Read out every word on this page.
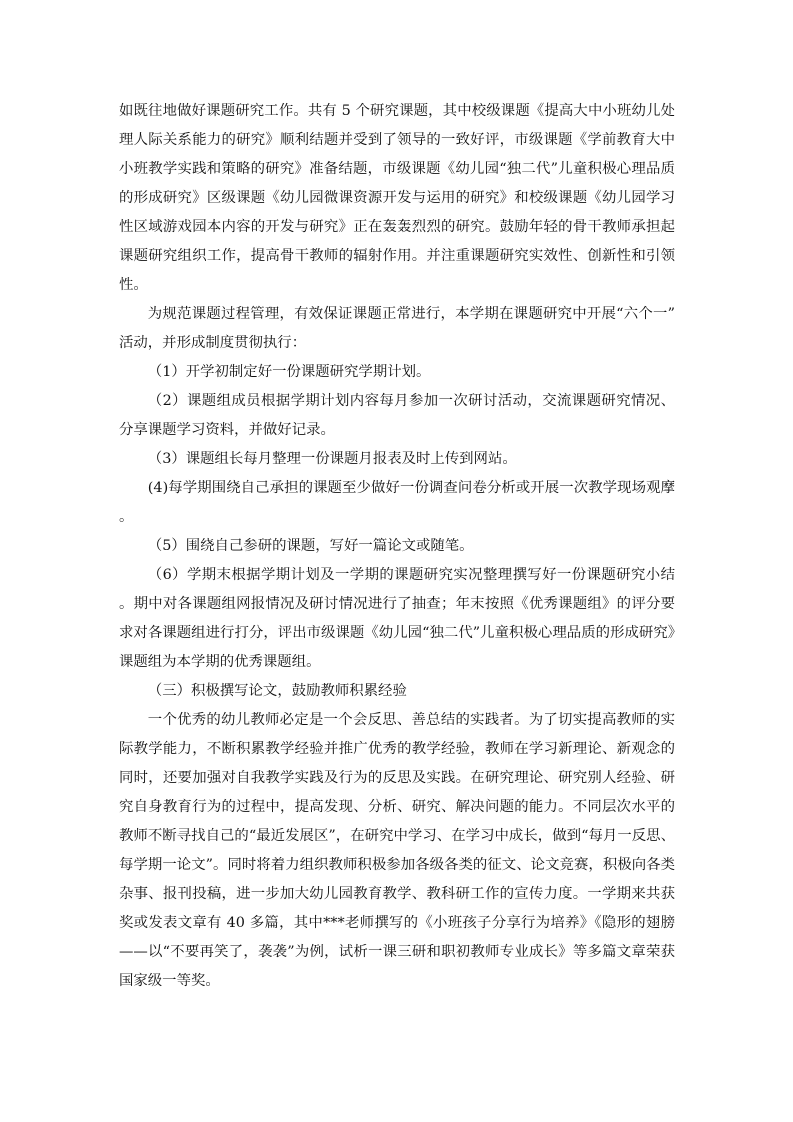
如既往地做好课题研究工作。共有 5 个研究课题，其中校级课题《提高大中小班幼儿处理人际关系能力的研究》顺利结题并受到了领导的一致好评，市级课题《学前教育大中小班教学实践和策略的研究》准备结题，市级课题《幼儿园“独二代”儿童积极心理品质的形成研究》区级课题《幼儿园微课资源开发与运用的研究》和校级课题《幼儿园学习性区域游戏园本内容的开发与研究》正在轰轰烈烈的研究。鼓励年轻的骨干教师承担起课题研究组织工作，提高骨干教师的辐射作用。并注重课题研究实效性、创新性和引领性。

为规范课题过程管理，有效保证课题正常进行，本学期在课题研究中开展“六个一”活动，并形成制度贯彻执行：

（1）开学初制定好一份课题研究学期计划。

（2）课题组成员根据学期计划内容每月参加一次研讨活动，交流课题研究情况、分享课题学习资料，并做好记录。

（3）课题组长每月整理一份课题月报表及时上传到网站。

(4)每学期围绕自己承担的课题至少做好一份调查问卷分析或开展一次教学现场观摩。

（5）围绕自己参研的课题，写好一篇论文或随笔。

（6）学期末根据学期计划及一学期的课题研究实况整理撰写好一份课题研究小结。期中对各课题组网报情况及研讨情况进行了抽查；年末按照《优秀课题组》的评分要求对各课题组进行打分，评出市级课题《幼儿园“独二代”儿童积极心理品质的形成研究》课题组为本学期的优秀课题组。

（三）积极撰写论文，鼓励教师积累经验

一个优秀的幼儿教师必定是一个会反思、善总结的实践者。为了切实提高教师的实际教学能力，不断积累教学经验并推广优秀的教学经验，教师在学习新理论、新观念的同时，还要加强对自我教学实践及行为的反思及实践。在研究理论、研究别人经验、研究自身教育行为的过程中，提高发现、分析、研究、解决问题的能力。不同层次水平的教师不断寻找自己的“最近发展区”，在研究中学习、在学习中成长，做到“每月一反思、每学期一论文”。同时将着力组织教师积极参加各级各类的征文、论文竞赛，积极向各类杂事、报刊投稿，进一步加大幼儿园教育教学、教科研工作的宣传力度。一学期来共获奖或发表文章有 40 多篇，其中***老师撰写的《小班孩子分享行为培养》《隐形的翅膀——以“不要再笑了，袭袭”为例，试析一课三研和职初教师专业成长》等多篇文章荣获国家级一等奖。
